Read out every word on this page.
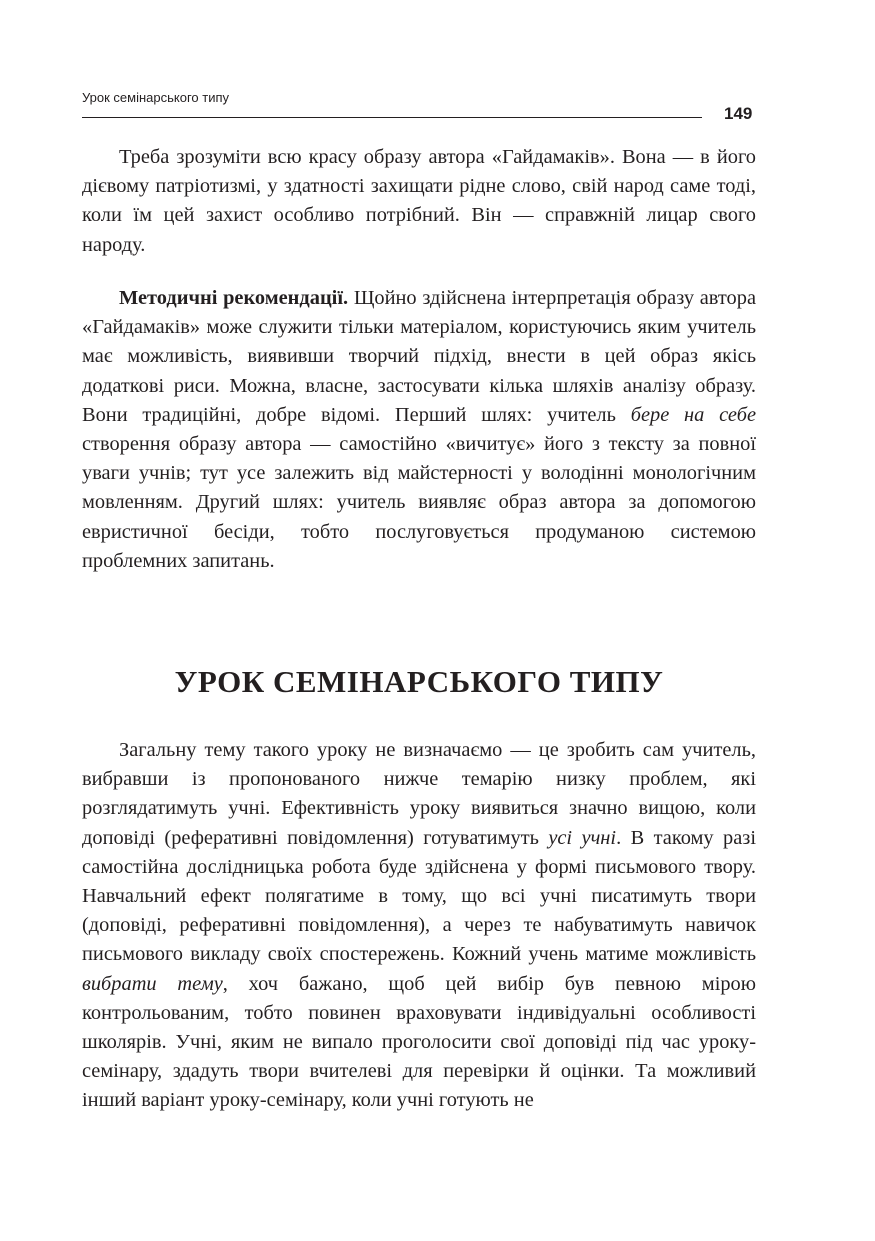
Урок семінарського типу
149

Треба зрозуміти всю красу образу автора «Гайдамаків». Вона — в його дієвому патріотизмі, у здатності захищати рідне слово, свій народ саме тоді, коли їм цей захист особливо потрібний. Він — справжній лицар свого народу.

Методичні рекомендації. Щойно здійснена інтерпретація образу автора «Гайдамаків» може служити тільки матеріалом, користуючись яким учитель має можливість, виявивши творчий підхід, внести в цей образ якісь додаткові риси. Можна, власне, застосувати кілька шляхів аналізу образу. Вони традиційні, добре відомі. Перший шлях: учитель бере на себе створення образу автора — самостійно «вичитує» його з тексту за повної уваги учнів; тут усе залежить від майстерності у володінні монологічним мовленням. Другий шлях: учитель виявляє образ автора за допомогою евристичної бесіди, тобто послуговується продуманою системою проблемних запитань.

УРОК СЕМІНАРСЬКОГО ТИПУ

Загальну тему такого уроку не визначаємо — це зробить сам учитель, вибравши із пропонованого нижче темарію низку проблем, які розглядатимуть учні. Ефективність уроку виявиться значно вищою, коли доповіді (реферативні повідомлення) готуватимуть усі учні. В такому разі самостійна дослідницька робота буде здійснена у формі письмового твору. Навчальний ефект полягатиме в тому, що всі учні писатимуть твори (доповіді, реферативні повідомлення), а через те набуватимуть навичок письмового викладу своїх спостережень. Кожний учень матиме можливість вибрати тему, хоч бажано, щоб цей вибір був певною мірою контрольованим, тобто повинен враховувати індивідуальні особливості школярів. Учні, яким не випало проголосити свої доповіді під час уроку-семінару, здадуть твори вчителеві для перевірки й оцінки. Та можливий інший варіант уроку-семінару, коли учні готують не
